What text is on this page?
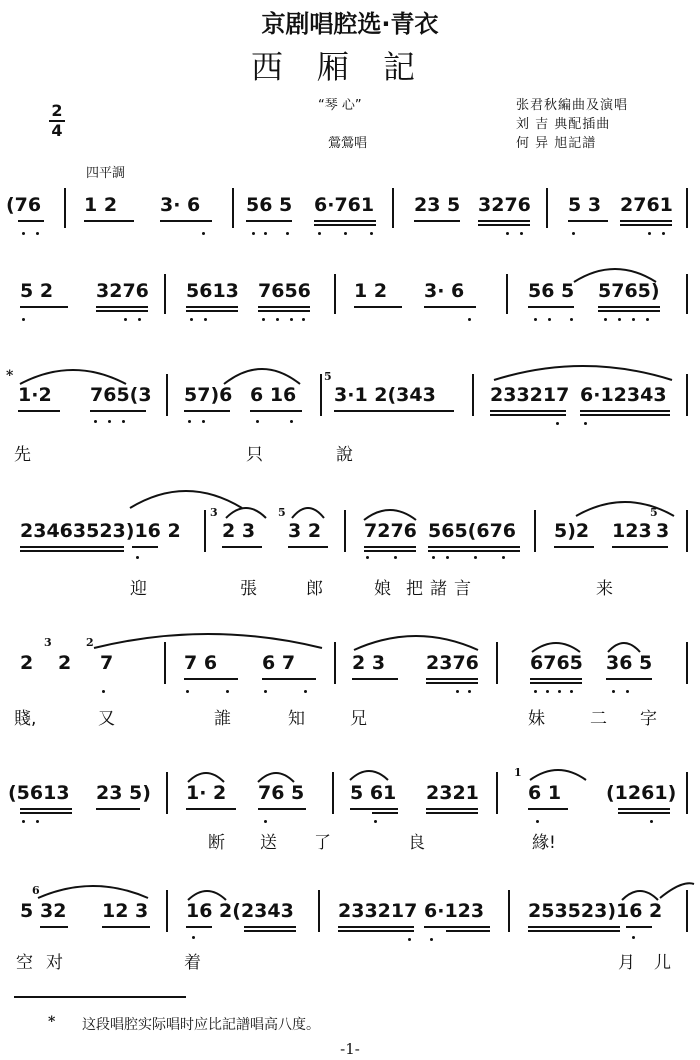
京剧唱腔选·青衣
西厢記
“琴 心”
鶯鶯唱
张君秋編曲及演唱
刘 吉 典配插曲
何 异 旭記譜
2
4
四平調
(76 1 2 3· 6 56 5 6·761 23 5 3276 5 3 2761
5 2 3276 5613 7656 1 2 3· 6	56 5 5765)
*	5
1·2 765(3 57)6 6 16 3·1 2(343	233217 6·12343
先	只	說
3	5	5
23463523)16 2 2 3 3 2 7276 565(676 5)2 123 3
迎	張	郎	娘 把 諸 言	来
3	2
2 2 7	7 6 6 7	2 3 2376	6765 36 5
賤,	又	誰	知	兄	妹	二 字
1
(5613 23 5) 1· 2 76 5 5 61 2321	6 1 (1261)
断 送 了	良	緣!
6
5 32 12 3 16 2(2343 233217 6·123 253523)16 2
空 对	着	月 儿
* 这段唱腔实际唱时应比記譜唱高八度。
-1-
